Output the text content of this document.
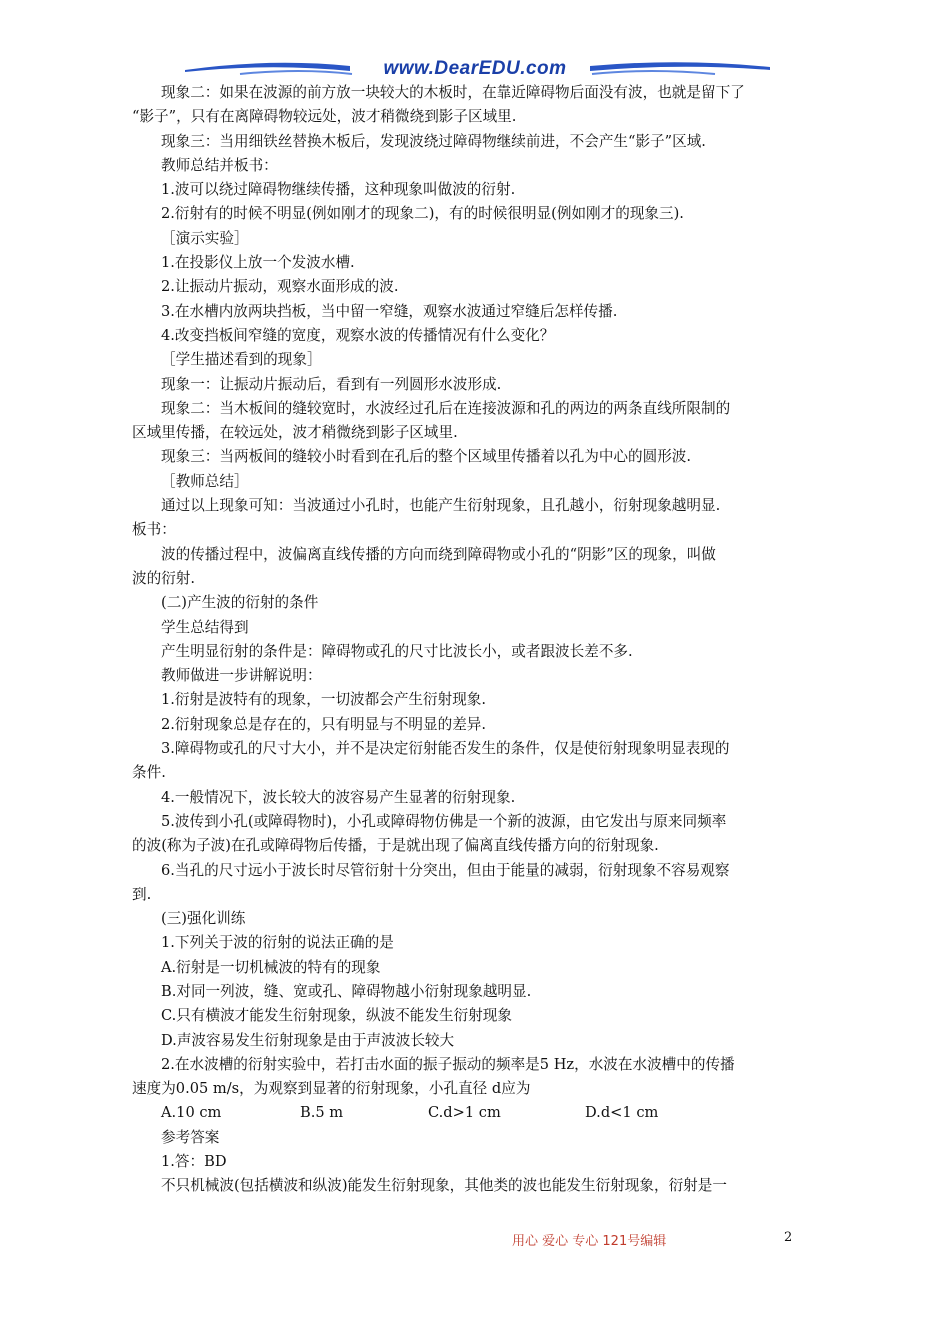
www.DearEDU.com

现象二：如果在波源的前方放一块较大的木板时，在靠近障碍物后面没有波，也就是留下了

“影子”，只有在离障碍物较远处，波才稍微绕到影子区域里.

现象三：当用细铁丝替换木板后，发现波绕过障碍物继续前进，不会产生“影子”区域.

教师总结并板书：

1.波可以绕过障碍物继续传播，这种现象叫做波的衍射.

2.衍射有的时候不明显(例如刚才的现象二)，有的时候很明显(例如刚才的现象三).

［演示实验］

1.在投影仪上放一个发波水槽.

2.让振动片振动，观察水面形成的波.

3.在水槽内放两块挡板，当中留一窄缝，观察水波通过窄缝后怎样传播.

4.改变挡板间窄缝的宽度，观察水波的传播情况有什么变化？

［学生描述看到的现象］

现象一：让振动片振动后，看到有一列圆形水波形成.

现象二：当木板间的缝较宽时，水波经过孔后在连接波源和孔的两边的两条直线所限制的

区域里传播，在较远处，波才稍微绕到影子区域里.

现象三：当两板间的缝较小时看到在孔后的整个区域里传播着以孔为中心的圆形波.

［教师总结］

通过以上现象可知：当波通过小孔时，也能产生衍射现象，且孔越小，衍射现象越明显.

板书：

波的传播过程中，波偏离直线传播的方向而绕到障碍物或小孔的“阴影”区的现象，叫做

波的衍射.

(二)产生波的衍射的条件

学生总结得到

产生明显衍射的条件是：障碍物或孔的尺寸比波长小，或者跟波长差不多.

教师做进一步讲解说明：

1.衍射是波特有的现象，一切波都会产生衍射现象.

2.衍射现象总是存在的，只有明显与不明显的差异.

3.障碍物或孔的尺寸大小，并不是决定衍射能否发生的条件，仅是使衍射现象明显表现的

条件.

4.一般情况下，波长较大的波容易产生显著的衍射现象.

5.波传到小孔(或障碍物时)，小孔或障碍物仿佛是一个新的波源，由它发出与原来同频率

的波(称为子波)在孔或障碍物后传播，于是就出现了偏离直线传播方向的衍射现象.

6.当孔的尺寸远小于波长时尽管衍射十分突出，但由于能量的减弱，衍射现象不容易观察

到.

(三)强化训练

1.下列关于波的衍射的说法正确的是

A.衍射是一切机械波的特有的现象

B.对同一列波，缝、宽或孔、障碍物越小衍射现象越明显.

C.只有横波才能发生衍射现象，纵波不能发生衍射现象

D.声波容易发生衍射现象是由于声波波长较大

2.在水波槽的衍射实验中，若打击水面的振子振动的频率是5 Hz，水波在水波槽中的传播

速度为0.05 m/s，为观察到显著的衍射现象，小孔直径 d应为

A.10 cm	B.5 m	C.d>1 cm	D.d<1 cm

参考答案

1.答：BD

不只机械波(包括横波和纵波)能发生衍射现象，其他类的波也能发生衍射现象，衍射是一

用心 爱心 专心 121号编辑	2
